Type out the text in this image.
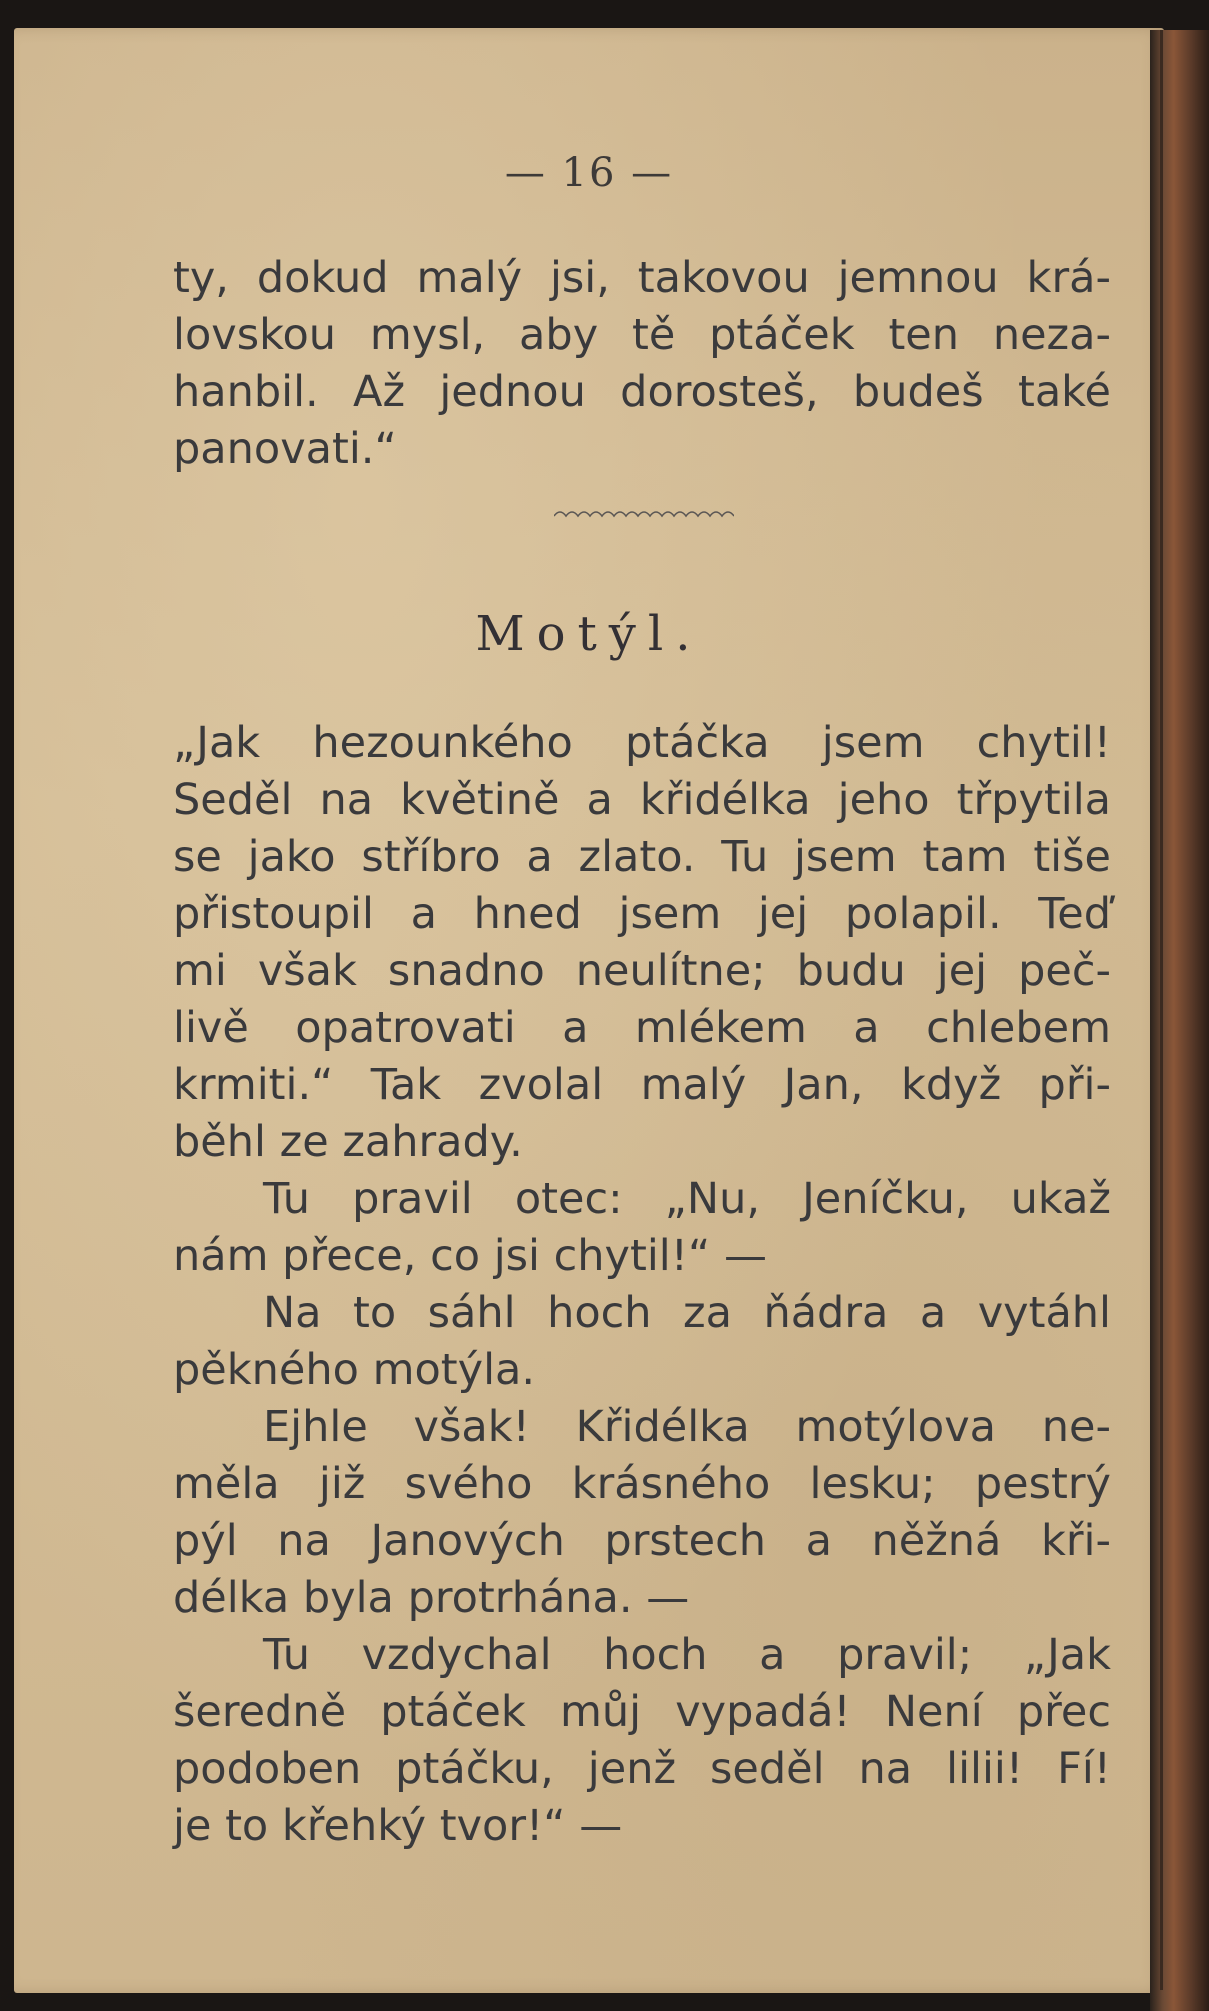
— 16 —
ty, dokud malý jsi, takovou jemnou krá-
lovskou mysl, aby tě ptáček ten neza-
hanbil. Až jednou dorosteš, budeš také
panovati.“
Motýl.
„Jak hezounkého ptáčka jsem chytil!
Seděl na květině a křidélka jeho třpytila
se jako stříbro a zlato. Tu jsem tam tiše
přistoupil a hned jsem jej polapil. Teď
mi však snadno neulítne; budu jej peč-
livě opatrovati a mlékem a chlebem
krmiti.“ Tak zvolal malý Jan, když při-
běhl ze zahrady.
Tu pravil otec: „Nu, Jeníčku, ukaž
nám přece, co jsi chytil!“ —
Na to sáhl hoch za ňádra a vytáhl
pěkného motýla.
Ejhle však! Křidélka motýlova ne-
měla již svého krásného lesku; pestrý
pýl na Janových prstech a něžná kři-
délka byla protrhána. —
Tu vzdychal hoch a pravil; „Jak
šeredně ptáček můj vypadá! Není přec
podoben ptáčku, jenž seděl na lilii! Fí!
je to křehký tvor!“ —
